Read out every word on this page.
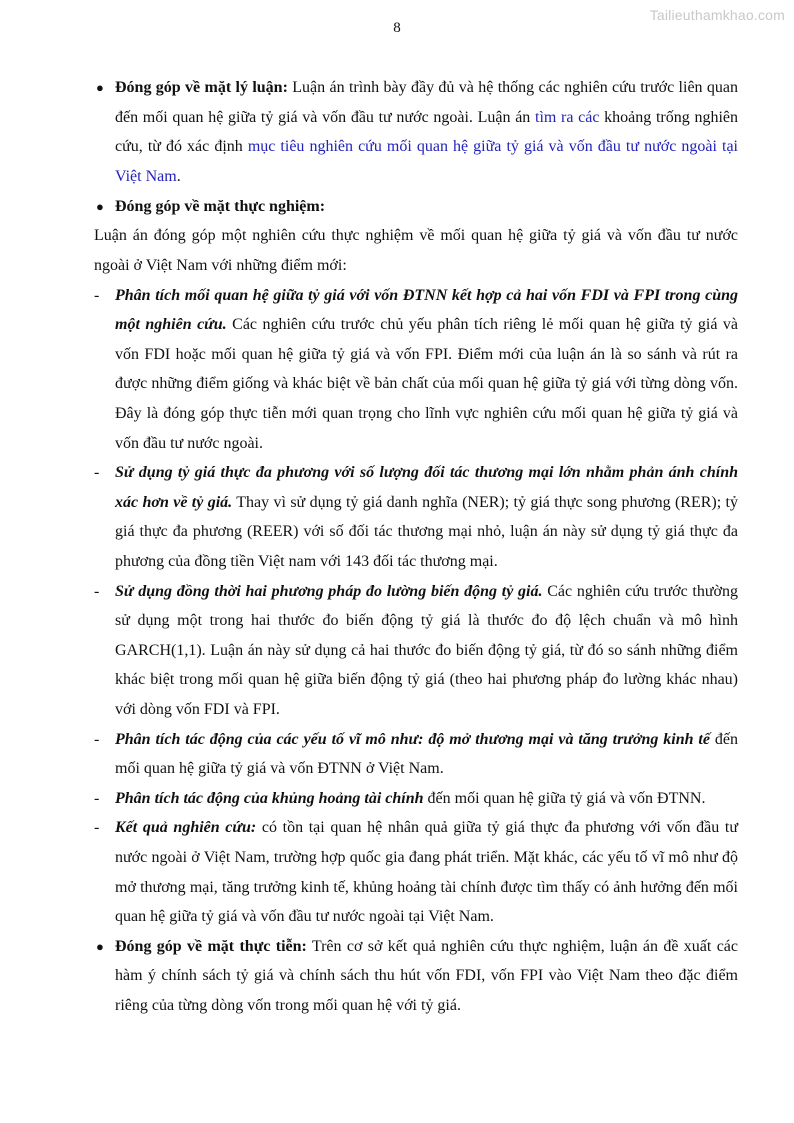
Tailieuthamkhao.com
8
● Đóng góp về mặt lý luận: Luận án trình bày đầy đủ và hệ thống các nghiên cứu trước liên quan đến mối quan hệ giữa tỷ giá và vốn đầu tư nước ngoài. Luận án tìm ra các khoảng trống nghiên cứu, từ đó xác định mục tiêu nghiên cứu mối quan hệ giữa tỷ giá và vốn đầu tư nước ngoài tại Việt Nam.
● Đóng góp về mặt thực nghiệm:
Luận án đóng góp một nghiên cứu thực nghiệm về mối quan hệ giữa tỷ giá và vốn đầu tư nước ngoài ở Việt Nam với những điểm mới:
- Phân tích mối quan hệ giữa tỷ giá với vốn ĐTNN kết hợp cả hai vốn FDI và FPI trong cùng một nghiên cứu. Các nghiên cứu trước chủ yếu phân tích riêng lẻ mối quan hệ giữa tỷ giá và vốn FDI hoặc mối quan hệ giữa tỷ giá và vốn FPI. Điểm mới của luận án là so sánh và rút ra được những điểm giống và khác biệt về bản chất của mối quan hệ giữa tỷ giá với từng dòng vốn. Đây là đóng góp thực tiễn mới quan trọng cho lĩnh vực nghiên cứu mối quan hệ giữa tỷ giá và vốn đầu tư nước ngoài.
- Sử dụng tỷ giá thực đa phương với số lượng đối tác thương mại lớn nhằm phản ánh chính xác hơn về tỷ giá. Thay vì sử dụng tỷ giá danh nghĩa (NER); tỷ giá thực song phương (RER); tỷ giá thực đa phương (REER) với số đối tác thương mại nhỏ, luận án này sử dụng tỷ giá thực đa phương của đồng tiền Việt nam với 143 đối tác thương mại.
- Sử dụng đồng thời hai phương pháp đo lường biến động tỷ giá. Các nghiên cứu trước thường sử dụng một trong hai thước đo biến động tỷ giá là thước đo độ lệch chuẩn và mô hình GARCH(1,1). Luận án này sử dụng cả hai thước đo biến động tỷ giá, từ đó so sánh những điểm khác biệt trong mối quan hệ giữa biến động tỷ giá (theo hai phương pháp đo lường khác nhau) với dòng vốn FDI và FPI.
- Phân tích tác động của các yếu tố vĩ mô như: độ mở thương mại và tăng trưởng kinh tế đến mối quan hệ giữa tỷ giá và vốn ĐTNN ở Việt Nam.
- Phân tích tác động của khủng hoảng tài chính đến mối quan hệ giữa tỷ giá và vốn ĐTNN.
- Kết quả nghiên cứu: có tồn tại quan hệ nhân quả giữa tỷ giá thực đa phương với vốn đầu tư nước ngoài ở Việt Nam, trường hợp quốc gia đang phát triển. Mặt khác, các yếu tố vĩ mô như độ mở thương mại, tăng trưởng kinh tế, khủng hoảng tài chính được tìm thấy có ảnh hưởng đến mối quan hệ giữa tỷ giá và vốn đầu tư nước ngoài tại Việt Nam.
● Đóng góp về mặt thực tiễn: Trên cơ sở kết quả nghiên cứu thực nghiệm, luận án đề xuất các hàm ý chính sách tỷ giá và chính sách thu hút vốn FDI, vốn FPI vào Việt Nam theo đặc điểm riêng của từng dòng vốn trong mối quan hệ với tỷ giá.
